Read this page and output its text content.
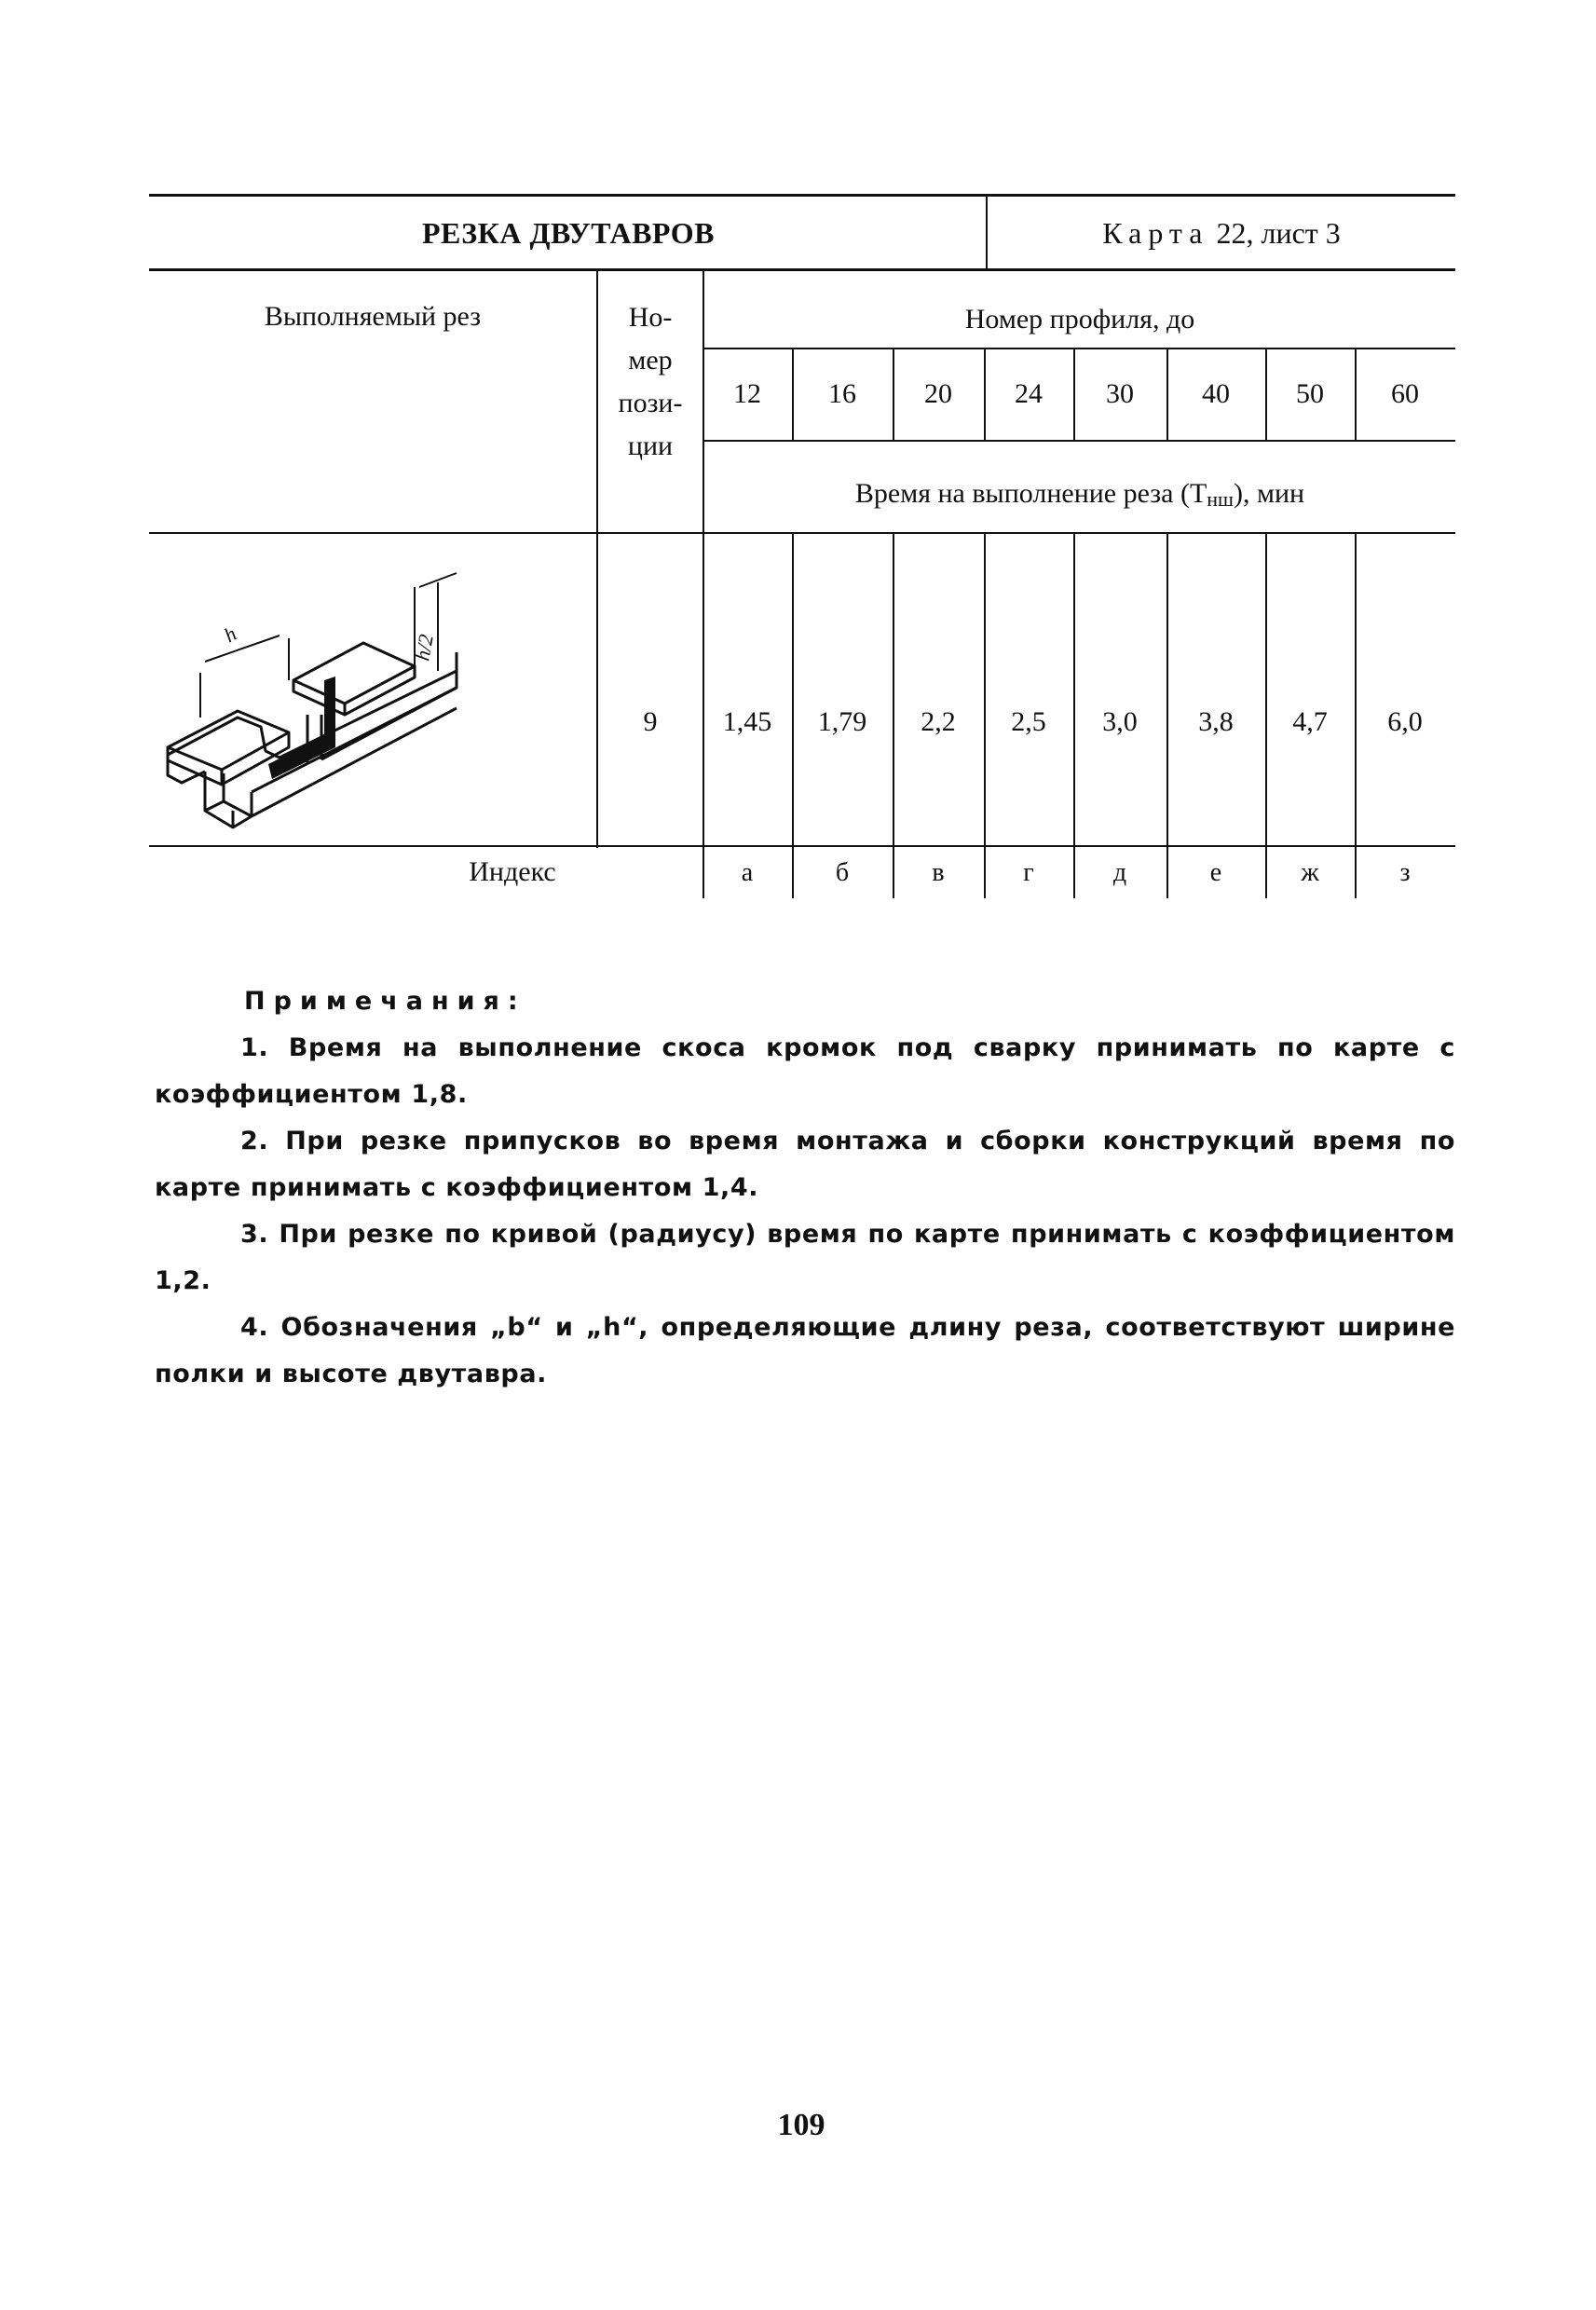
РЕЗКА ДВУТАВРОВ	Карта 22, лист 3
Выполняемый рез	Но-
мер
пози-
ции
Номер профиля, до
Время на выполнение реза ($Т_{нш}$ ), мин
12	16	20	24	30	40	50	60
9	1,45	1,79	2,2	2,5	3,0	3,8	4,7	6,0
Индекс	а	б	в	г	д	е	ж	з
h	h/2

Примечания:

1. Время на выполнение скоса кромок под сварку принимать по карте с коэффициентом 1,8.

2. При резке припусков во время монтажа и сборки конструкций время по карте принимать с коэффициентом 1,4.

3. При резке по кривой (радиусу) время по карте принимать с коэффициентом 1,2.

4. Обозначения „b“ и „h“, определяющие длину реза, соответствуют ширине полки и высоте двутавра.

109
